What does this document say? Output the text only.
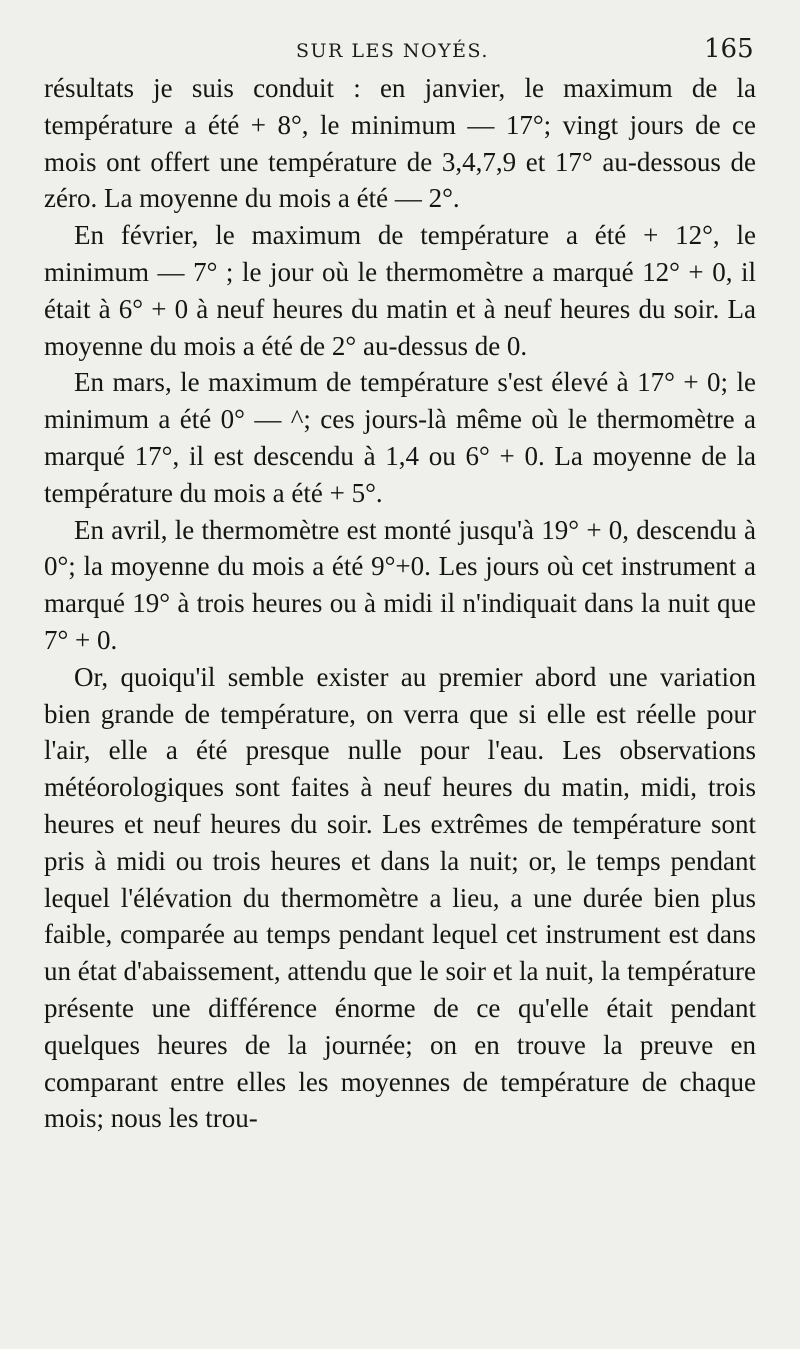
SUR LES NOYÉS.	165

résultats je suis conduit : en janvier, le maximum de la température a été + 8°, le minimum — 17°; vingt jours de ce mois ont offert une température de 3,4,7,9 et 17° au-dessous de zéro. La moyenne du mois a été — 2°.

En février, le maximum de température a été + 12°, le minimum — 7° ; le jour où le thermomètre a marqué 12° + 0, il était à 6° + 0 à neuf heures du matin et à neuf heures du soir. La moyenne du mois a été de 2° au-dessus de 0.

En mars, le maximum de température s'est élevé à 17° + 0; le minimum a été 0° — ^; ces jours-là même où le thermomètre a marqué 17°, il est descendu à 1,4 ou 6° + 0. La moyenne de la température du mois a été + 5°.

En avril, le thermomètre est monté jusqu'à 19° + 0, descendu à 0°; la moyenne du mois a été 9°+0. Les jours où cet instrument a marqué 19° à trois heures ou à midi il n'indiquait dans la nuit que 7° + 0.

Or, quoiqu'il semble exister au premier abord une variation bien grande de température, on verra que si elle est réelle pour l'air, elle a été presque nulle pour l'eau. Les observations météorologiques sont faites à neuf heures du matin, midi, trois heures et neuf heures du soir. Les extrêmes de température sont pris à midi ou trois heures et dans la nuit; or, le temps pendant lequel l'élévation du thermomètre a lieu, a une durée bien plus faible, comparée au temps pendant lequel cet instrument est dans un état d'abaissement, attendu que le soir et la nuit, la température présente une différence énorme de ce qu'elle était pendant quelques heures de la journée; on en trouve la preuve en comparant entre elles les moyennes de température de chaque mois; nous les trou-
